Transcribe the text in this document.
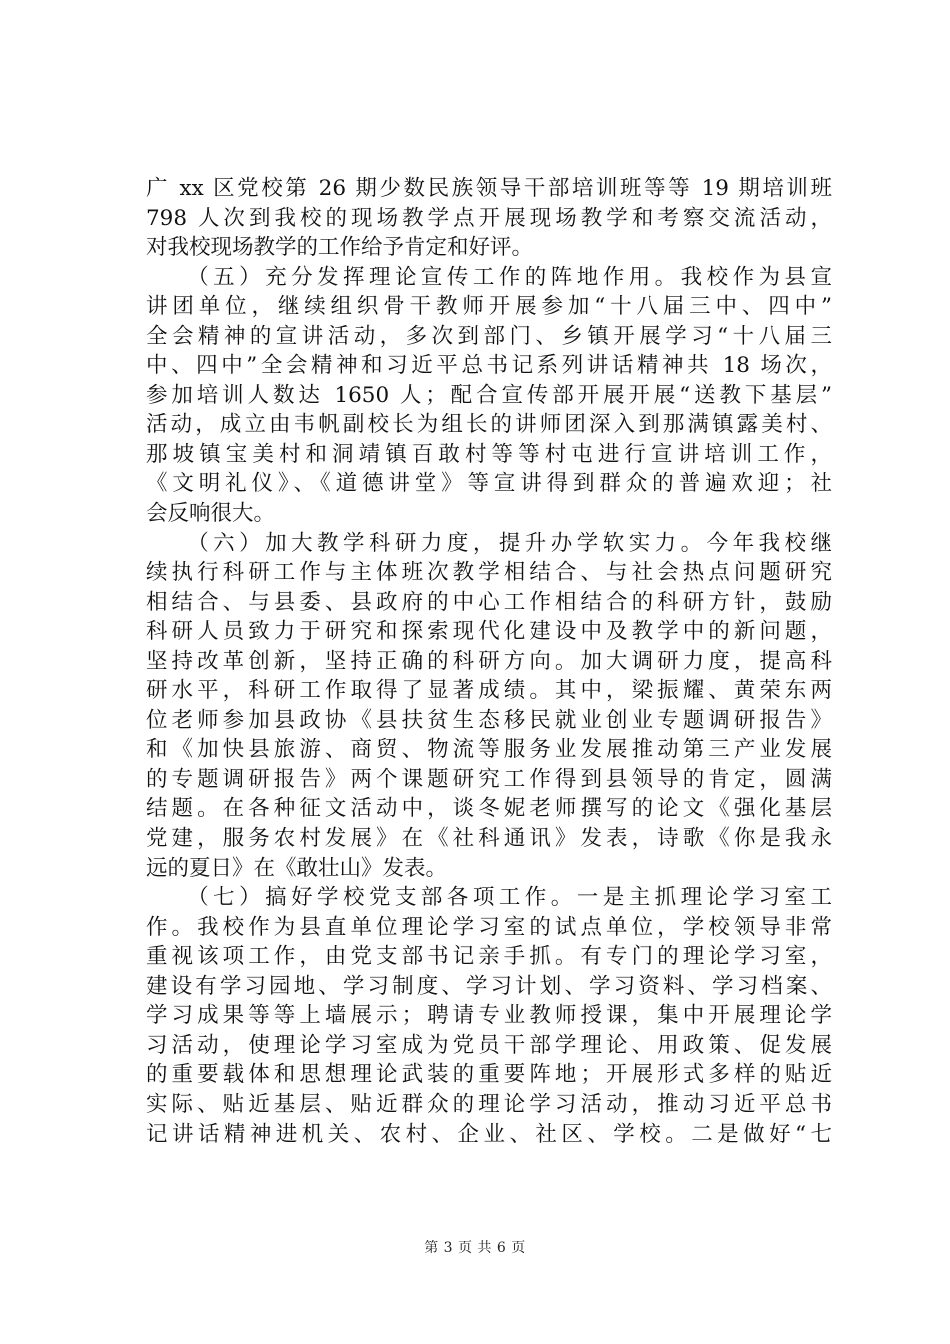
广 xx 区党校第 26 期少数民族领导干部培训班等等 19 期培训班
798 人次到我校的现场教学点开展现场教学和考察交流活动，
对我校现场教学的工作给予肯定和好评。
　　（五）充分发挥理论宣传工作的阵地作用。我校作为县宣
讲团单位，继续组织骨干教师开展参加“十八届三中、四中”
全会精神的宣讲活动，多次到部门、乡镇开展学习“十八届三
中、四中”全会精神和习近平总书记系列讲话精神共 18 场次，
参加培训人数达 1650 人；配合宣传部开展开展“送教下基层”
活动，成立由韦帆副校长为组长的讲师团深入到那满镇露美村、
那坡镇宝美村和洞靖镇百敢村等等村屯进行宣讲培训工作，
《文明礼仪》、《道德讲堂》等宣讲得到群众的普遍欢迎；社
会反响很大。
　　（六）加大教学科研力度，提升办学软实力。今年我校继
续执行科研工作与主体班次教学相结合、与社会热点问题研究
相结合、与县委、县政府的中心工作相结合的科研方针，鼓励
科研人员致力于研究和探索现代化建设中及教学中的新问题，
坚持改革创新，坚持正确的科研方向。加大调研力度，提高科
研水平，科研工作取得了显著成绩。其中，梁振耀、黄荣东两
位老师参加县政协《县扶贫生态移民就业创业专题调研报告》
和《加快县旅游、商贸、物流等服务业发展推动第三产业发展
的专题调研报告》两个课题研究工作得到县领导的肯定，圆满
结题。在各种征文活动中，谈冬妮老师撰写的论文《强化基层
党建，服务农村发展》在《社科通讯》发表，诗歌《你是我永
远的夏日》在《敢壮山》发表。
　　（七）搞好学校党支部各项工作。一是主抓理论学习室工
作。我校作为县直单位理论学习室的试点单位，学校领导非常
重视该项工作，由党支部书记亲手抓。有专门的理论学习室，
建设有学习园地、学习制度、学习计划、学习资料、学习档案、
学习成果等等上墙展示；聘请专业教师授课，集中开展理论学
习活动，使理论学习室成为党员干部学理论、用政策、促发展
的重要载体和思想理论武装的重要阵地；开展形式多样的贴近
实际、贴近基层、贴近群众的理论学习活动，推动习近平总书
记讲话精神进机关、农村、企业、社区、学校。二是做好“七
第 3 页 共 6 页
